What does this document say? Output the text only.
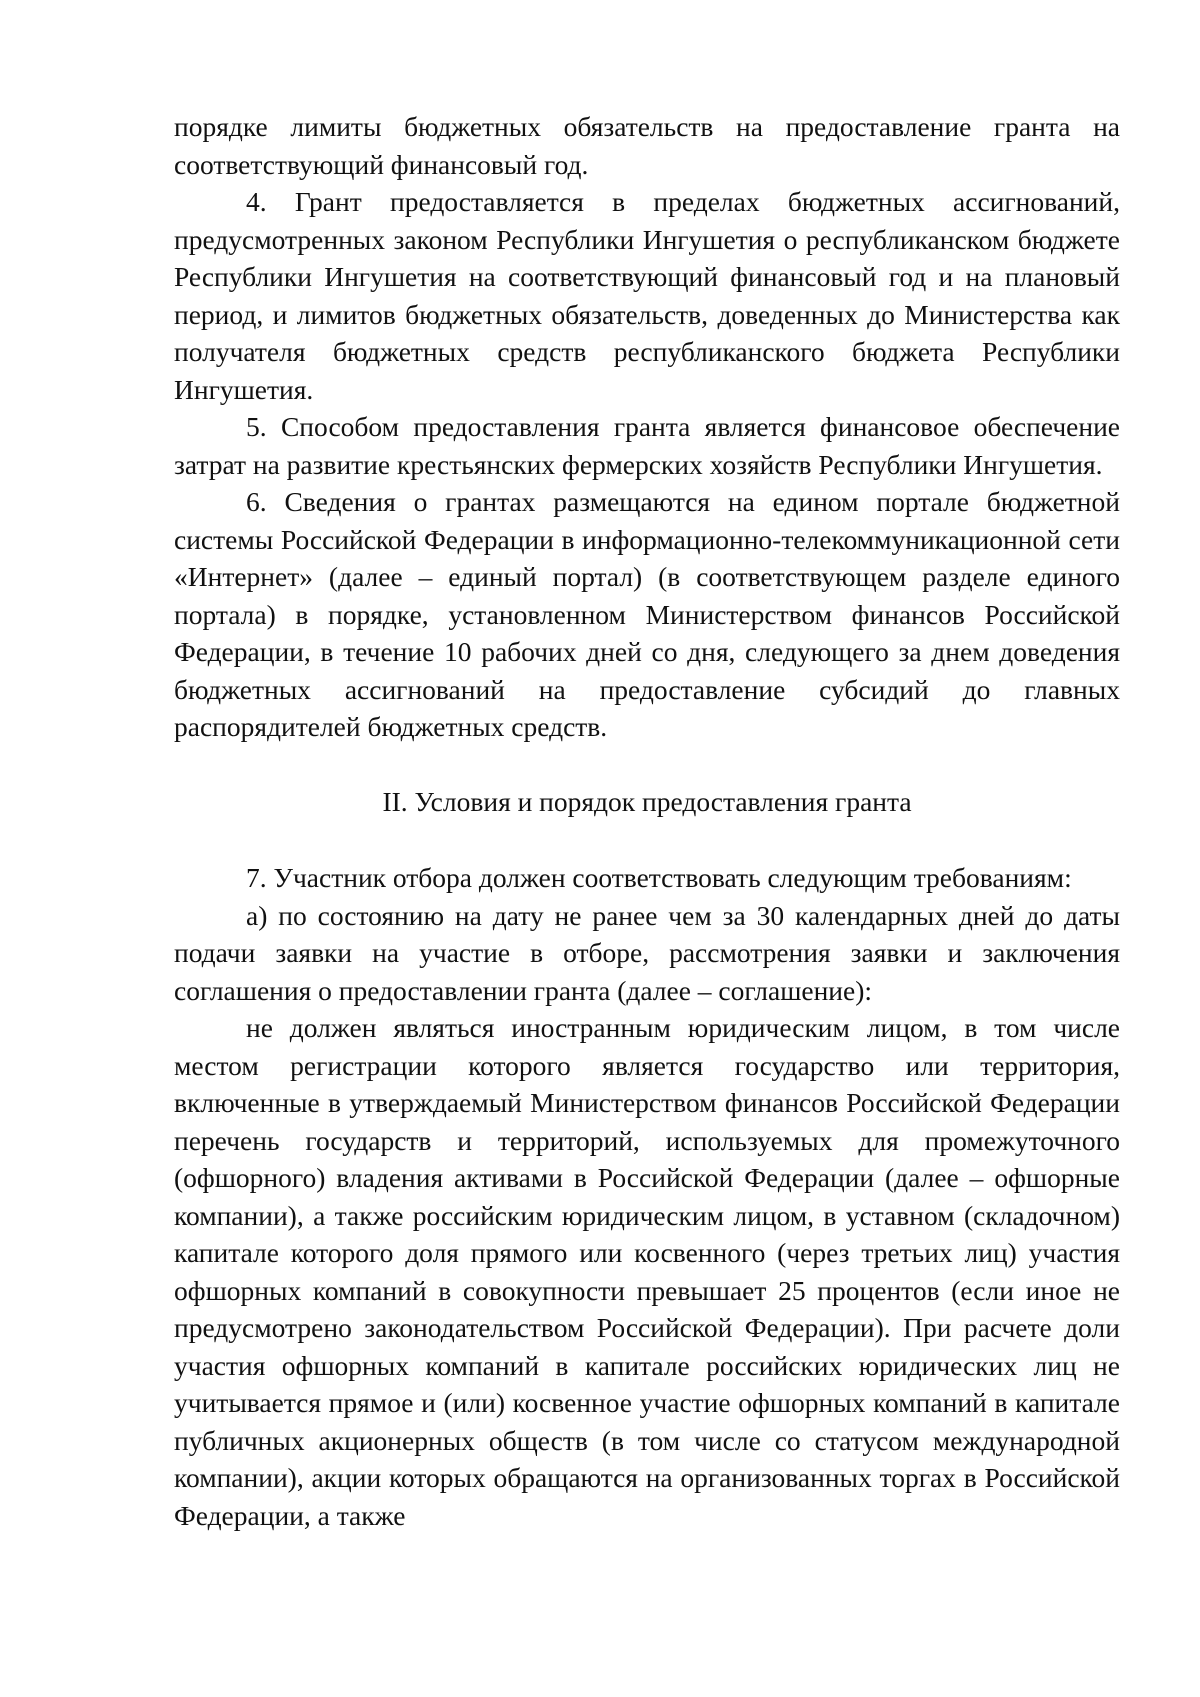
порядке лимиты бюджетных обязательств на предоставление гранта на соответствующий финансовый год.

4. Грант предоставляется в пределах бюджетных ассигнований, предусмотренных законом Республики Ингушетия о республиканском бюджете Республики Ингушетия на соответствующий финансовый год и на плановый период, и лимитов бюджетных обязательств, доведенных до Министерства как получателя бюджетных средств республиканского бюджета Республики Ингушетия.

5. Способом предоставления гранта является финансовое обеспечение затрат на развитие крестьянских фермерских хозяйств Республики Ингушетия.

6. Сведения о грантах размещаются на едином портале бюджетной системы Российской Федерации в информационно-телекоммуникационной сети «Интернет» (далее – единый портал) (в соответствующем разделе единого портала) в порядке, установленном Министерством финансов Российской Федерации, в течение 10 рабочих дней со дня, следующего за днем доведения бюджетных ассигнований на предоставление субсидий до главных распорядителей бюджетных средств.

II. Условия и порядок предоставления гранта

7. Участник отбора должен соответствовать следующим требованиям:

а) по состоянию на дату не ранее чем за 30 календарных дней до даты подачи заявки на участие в отборе, рассмотрения заявки и заключения соглашения о предоставлении гранта (далее – соглашение):

не должен являться иностранным юридическим лицом, в том числе местом регистрации которого является государство или территория, включенные в утверждаемый Министерством финансов Российской Федерации перечень государств и территорий, используемых для промежуточного (офшорного) владения активами в Российской Федерации (далее – офшорные компании), а также российским юридическим лицом, в уставном (складочном) капитале которого доля прямого или косвенного (через третьих лиц) участия офшорных компаний в совокупности превышает 25 процентов (если иное не предусмотрено законодательством Российской Федерации). При расчете доли участия офшорных компаний в капитале российских юридических лиц не учитывается прямое и (или) косвенное участие офшорных компаний в капитале публичных акционерных обществ (в том числе со статусом международной компании), акции которых обращаются на организованных торгах в Российской Федерации, а также
